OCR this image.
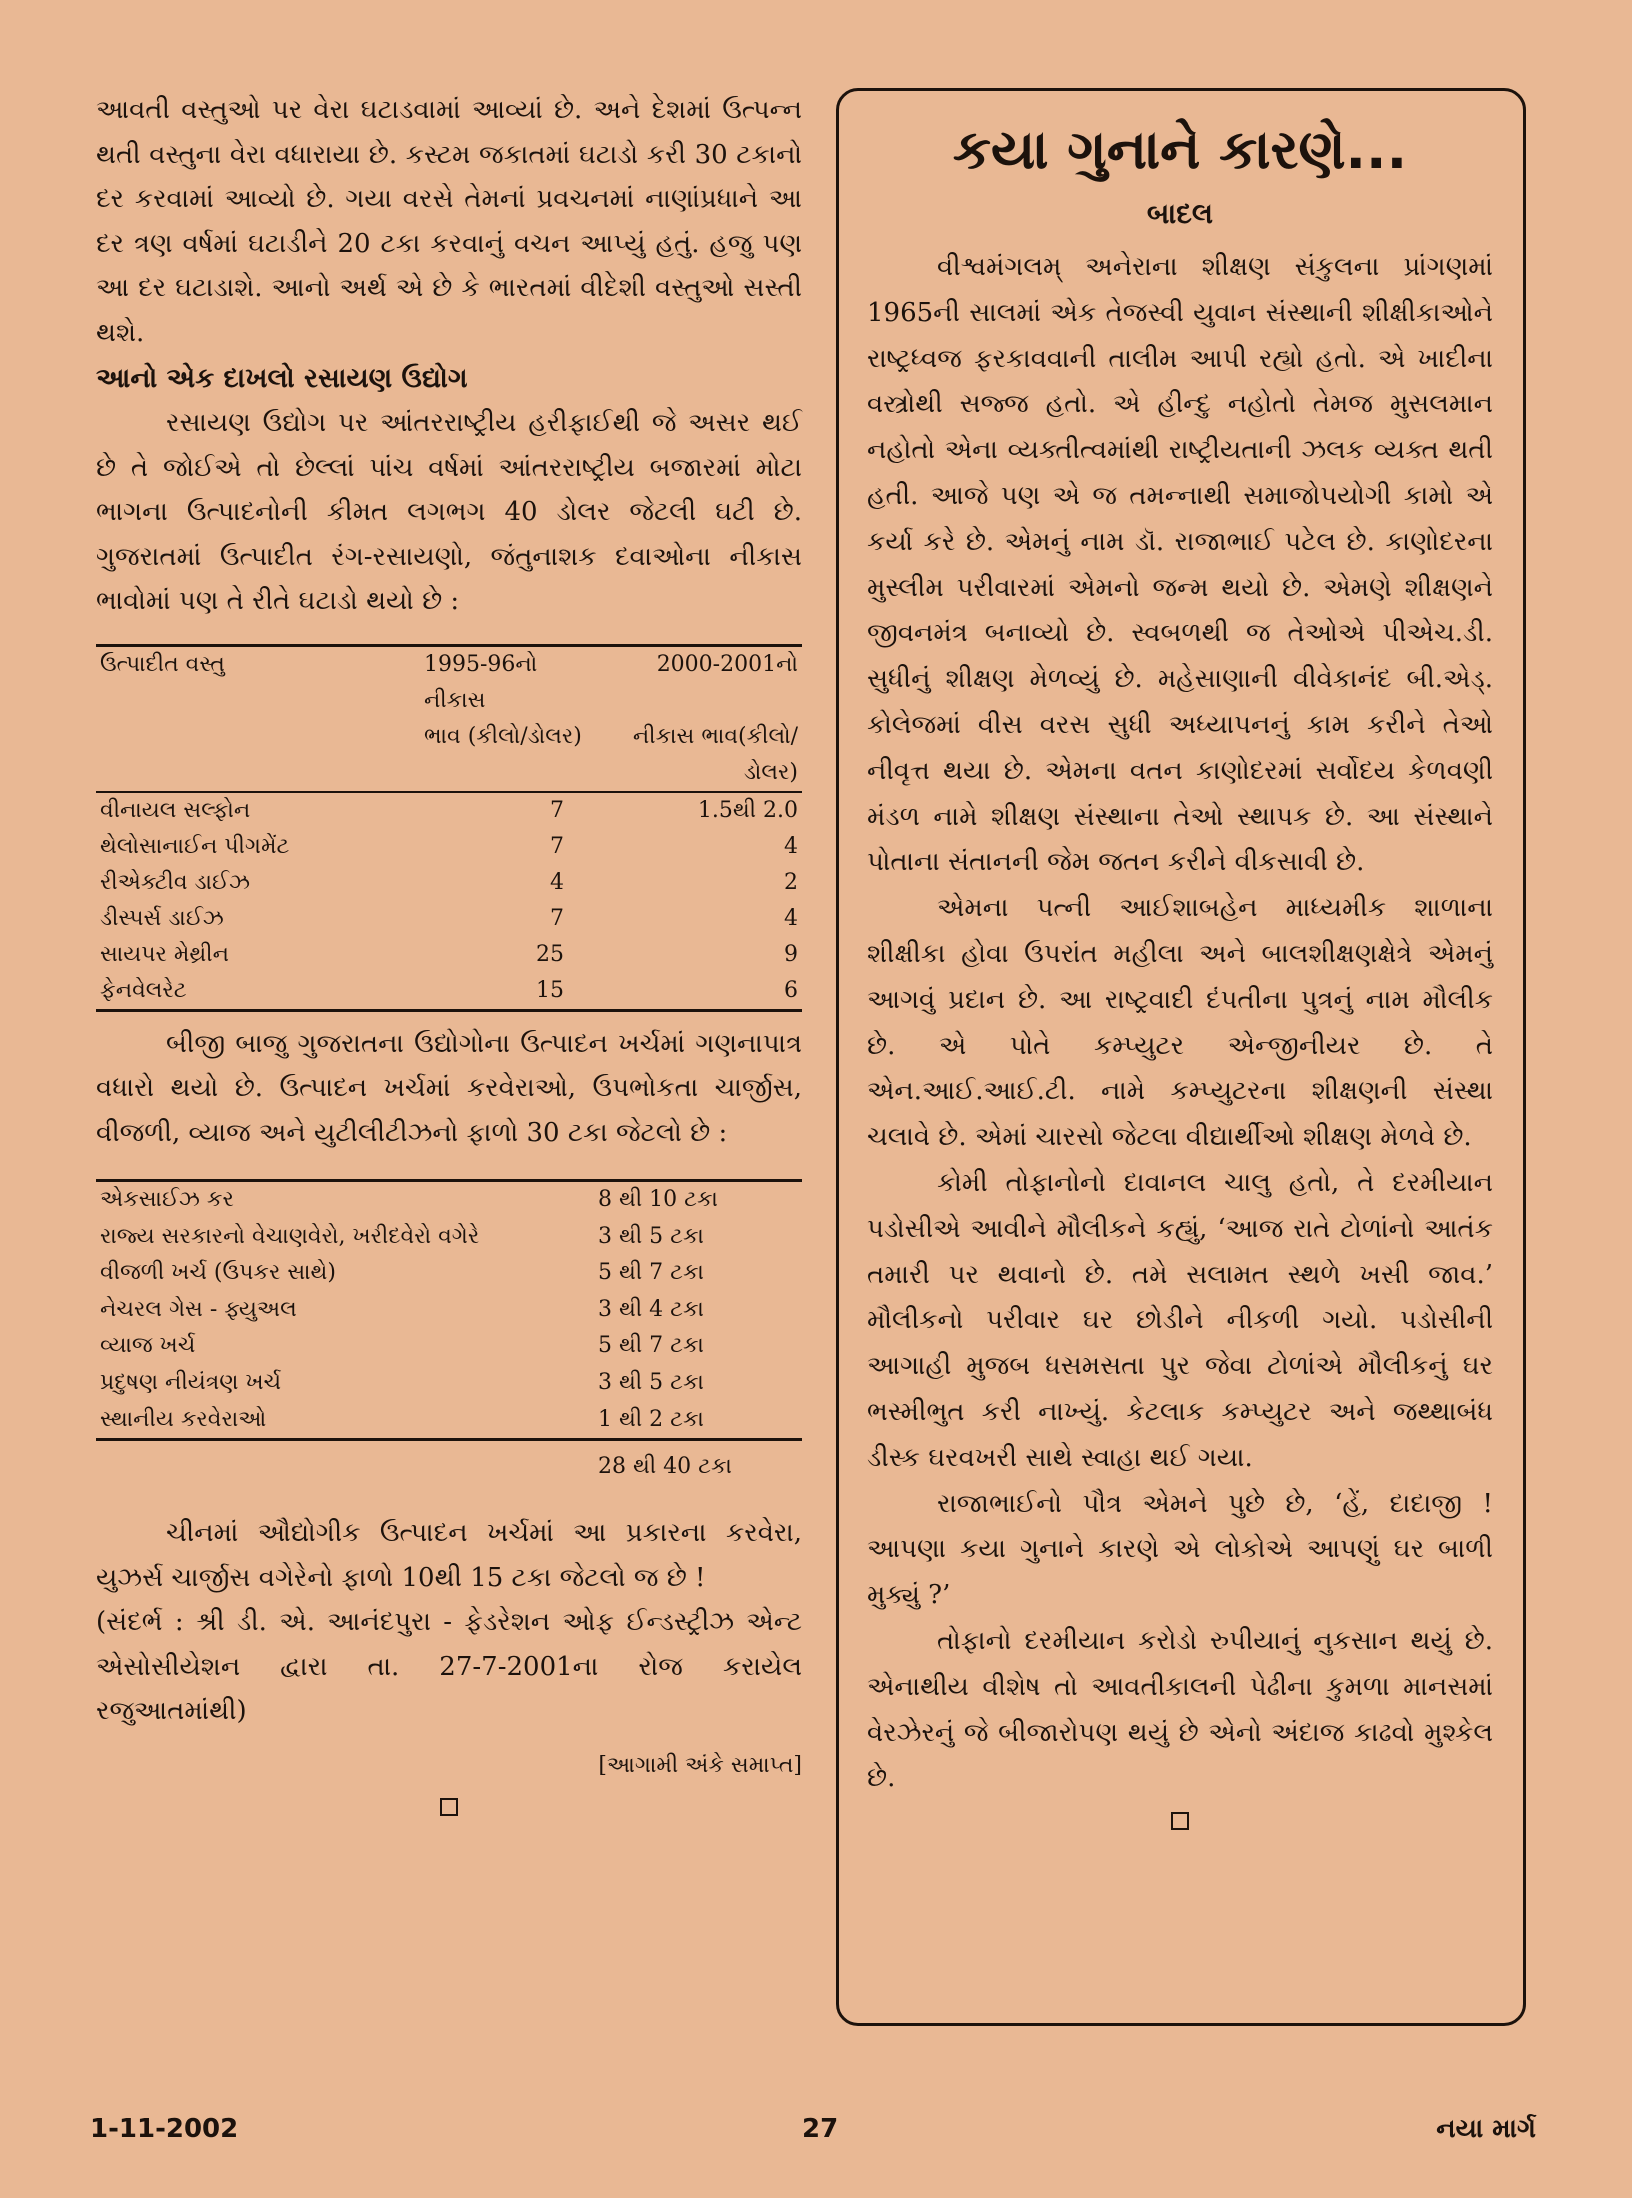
આવતી વસ્તુઓ પર વેરા ઘટાડવામાં આવ્યાં છે. અને દેશમાં ઉત્પન્ન થતી વસ્તુના વેરા વધારાયા છે. કસ્ટમ જકાતમાં ઘટાડો કરી 30 ટકાનો દર કરવામાં આવ્યો છે. ગયા વરસે તેમનાં પ્રવચનમાં નાણાંપ્રધાને આ દર ત્રણ વર્ષમાં ઘટાડીને 20 ટકા કરવાનું વચન આપ્યું હતું. હજુ પણ આ દર ઘટાડાશે. આનો અર્થ એ છે કે ભારતમાં વીદેશી વસ્તુઓ સસ્તી થશે.

આનો એક દાખલો રસાયણ ઉદ્યોગ

રસાયણ ઉદ્યોગ પર આંતરરાષ્ટ્રીય હરીફાઈથી જે અસર થઈ છે તે જોઈએ તો છેલ્લાં પાંચ વર્ષમાં આંતરરાષ્ટ્રીય બજારમાં મોટા ભાગના ઉત્પાદનોની કીમત લગભગ 40 ડોલર જેટલી ઘટી છે. ગુજરાતમાં ઉત્પાદીત રંગ-રસાયણો, જંતુનાશક દવાઓના નીકાસ ભાવોમાં પણ તે રીતે ઘટાડો થયો છે :

ઉત્પાદીત વસ્તુ	1995-96નો નીકાસ	2000-2001નો
	ભાવ (કીલો/ડોલર)	નીકાસ ભાવ(કીલો/ડોલર)
વીનાયલ સલ્ફોન	7	1.5થી 2.0
થેલોસાનાઈન પીગમેંટ	7	4
રીએક્ટીવ ડાઈઝ	4	2
ડીસ્પર્સ ડાઈઝ	7	4
સાયપર મેથ્રીન	25	9
ફેનવેલરેટ	15	6

બીજી બાજુ ગુજરાતના ઉદ્યોગોના ઉત્પાદન ખર્ચમાં ગણનાપાત્ર વધારો થયો છે. ઉત્પાદન ખર્ચમાં કરવેરાઓ, ઉપભોકતા ચાર્જીસ, વીજળી, વ્યાજ અને યુટીલીટીઝનો ફાળો 30 ટકા જેટલો છે :

એકસાઈઝ કર	8 થી 10 ટકા
રાજ્ય સરકારનો વેચાણવેરો, ખરીદવેરો વગેરે	3 થી 5 ટકા
વીજળી ખર્ચ (ઉપકર સાથે)	5 થી 7 ટકા
નેચરલ ગેસ - ફ્યુઅલ	3 થી 4 ટકા
વ્યાજ ખર્ચ	5 થી 7 ટકા
પ્રદુષણ નીયંત્રણ ખર્ચ	3 થી 5 ટકા
સ્થાનીય કરવેરાઓ	1 થી 2 ટકા
	28 થી 40 ટકા

ચીનમાં ઔદ્યોગીક ઉત્પાદન ખર્ચમાં આ પ્રકારના કરવેરા, યુઝર્સ ચાર્જીસ વગેરેનો ફાળો 10થી 15 ટકા જેટલો જ છે !

(સંદર્ભ : શ્રી ડી. એ. આનંદપુરા - ફેડરેશન ઓફ ઈન્ડસ્ટ્રીઝ એન્ટ એસોસીયેશન દ્વારા તા. 27-7-2001ના રોજ કરાયેલ રજુઆતમાંથી)

[આગામી અંકે સમાપ્ત]
કયા ગુનાને કારણે...
બાદલ

વીશ્વમંગલમ્ અનેરાના શીક્ષણ સંકુલના પ્રાંગણમાં 1965ની સાલમાં એક તેજસ્વી યુવાન સંસ્થાની શીક્ષીકાઓને રાષ્ટ્રધ્વજ ફરકાવવાની તાલીમ આપી રહ્યો હતો. એ ખાદીના વસ્ત્રોથી સજ્જ હતો. એ હીન્દુ નહોતો તેમજ મુસલમાન નહોતો એના વ્યક્તીત્વમાંથી રાષ્ટ્રીયતાની ઝલક વ્યક્ત થતી હતી. આજે પણ એ જ તમન્નાથી સમાજોપયોગી કામો એ કર્યા કરે છે. એમનું નામ ડૉ. રાજાભાઈ પટેલ છે. કાણોદરના મુસ્લીમ પરીવારમાં એમનો જન્મ થયો છે. એમણે શીક્ષણને જીવનમંત્ર બનાવ્યો છે. સ્વબળથી જ તેઓએ પીએચ.ડી. સુધીનું શીક્ષણ મેળવ્યું છે. મહેસાણાની વીવેકાનંદ બી.એડ્. કોલેજમાં વીસ વરસ સુધી અધ્યાપનનું કામ કરીને તેઓ નીવૃત્ત થયા છે. એમના વતન કાણોદરમાં સર્વોદય કેળવણી મંડળ નામે શીક્ષણ સંસ્થાના તેઓ સ્થાપક છે. આ સંસ્થાને પોતાના સંતાનની જેમ જતન કરીને વીકસાવી છે.

એમના પત્ની આઈશાબહેન માધ્યમીક શાળાના શીક્ષીકા હોવા ઉપરાંત મહીલા અને બાલશીક્ષણક્ષેત્રે એમનું આગવું પ્રદાન છે. આ રાષ્ટ્રવાદી દંપતીના પુત્રનું નામ મૌલીક છે. એ પોતે કમ્પ્યુટર એન્જીનીયર છે. તે એન.આઈ.આઈ.ટી. નામે કમ્પ્યુટરના શીક્ષણની સંસ્થા ચલાવે છે. એમાં ચારસો જેટલા વીદ્યાર્થીઓ શીક્ષણ મેળવે છે.

કોમી તોફાનોનો દાવાનલ ચાલુ હતો, તે દરમીયાન પડોસીએ આવીને મૌલીકને કહ્યું, ‘આજ રાતે ટોળાંનો આતંક તમારી પર થવાનો છે. તમે સલામત સ્થળે ખસી જાવ.’ મૌલીકનો પરીવાર ઘર છોડીને નીકળી ગયો. પડોસીની આગાહી મુજબ ધસમસતા પુર જેવા ટોળાંએ મૌલીકનું ઘર ભસ્મીભુત કરી નાખ્યું. કેટલાક કમ્પ્યુટર અને જથ્થાબંધ ડીસ્ક ઘરવખરી સાથે સ્વાહા થઈ ગયા.

રાજાભાઈનો પૌત્ર એમને પુછે છે, ‘હેં, દાદાજી ! આપણા કયા ગુનાને કારણે એ લોકોએ આપણું ઘર બાળી મુક્યું ?’

તોફાનો દરમીયાન કરોડો રુપીયાનું નુકસાન થયું છે. એનાથીય વીશેષ તો આવતીકાલની પેઢીના કુમળા માનસમાં વેરઝેરનું જે બીજારોપણ થયું છે એનો અંદાજ કાઢવો મુશ્કેલ છે.

1-11-2002	27	નયા માર્ગ
